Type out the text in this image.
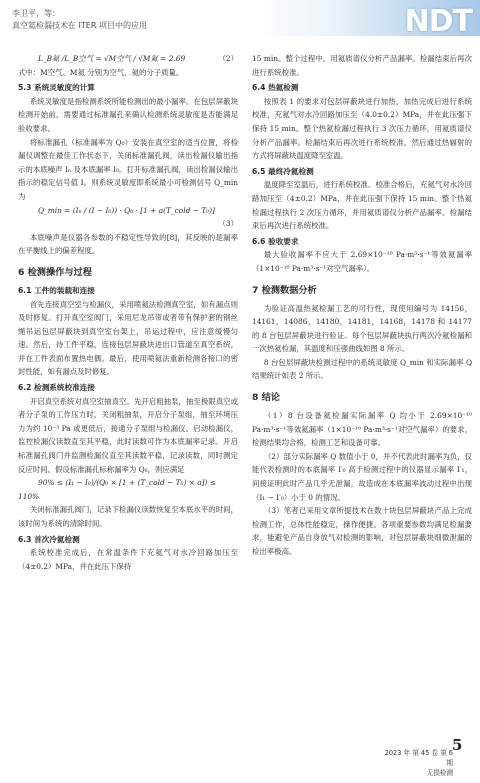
李卫平，等：
真空氦检漏技术在 ITER 项目中的应用	NDT
L_B氦 /L_B空气 = √M空气 / √M氦 = 2.69	（2）

式中：M空气、M氦 分别为空气、氦的分子质量。

5.3 系统灵敏度的计算

系统灵敏度是指检测系统所能检测出的最小漏率。在包层屏蔽块检测开始前，需要通过标准漏孔来确认检测系统灵敏度是否能满足验收要求。

将标准漏孔（标准漏率为 Q₀）安装在真空室的适当位置，将检漏仪调整在最佳工作状态下，关闭标准漏孔阀，读出检漏仪输出指示的本底噪声 Iₙ 及本底漏率 I₀。打开标准漏孔阀，读出检漏仪输出指示的稳定信号值 I。则系统灵敏度即系统最小可检测信号 Q_min 为

Q_min = (Iₙ / (I − I₀)) · Q₀ · [1 + a(T_cold − T₀)]
（3）

本底噪声是仪器各参数的不稳定性导致的[8]，其反映的是漏率在平衡线上的偏差程度。

6 检测操作与过程
6.1 工件的装载和连接

首先连接真空室与检漏仪，采用喷氦法检测真空室，如有漏点则及时修复。打开真空室阀门，采用尼龙吊带或者带有保护套的钢丝绳吊运包层屏蔽块到真空室台架上，吊运过程中，应注意缓慢匀速。然后，待工件平稳，连接包层屏蔽块进出口管道至真空系统，并在工件表面布置热电偶。最后，使用喷氦法重新检测各接口的密封性能，如有漏点及时修复。

6.2 检测系统校准连接

开启真空系统对真空室抽真空。先开启粗抽泵，抽至极限真空或者分子泵的工作压力时，关闭粗抽泵，开启分子泵组，抽至环境压力为约 10⁻³ Pa 或更低后，接通分子泵组与检漏仪。启动检漏仪，监控检漏仪读数直至其平稳，此时读数可作为本底漏率记录。开启标准漏孔阀门并监测检漏仪直至其读数平稳，记录读数，同时测定反应时间。假设标准漏孔标称漏率为 Q₀，则应满足

90% ≤ (I₁ − I₀)/(Q₀ × [1 + (T_cold − T₀) × a]) ≤ 110%

关闭标准漏孔阀门，记录下检漏仪读数恢复至本底水平的时间，该时间为系统的清除时间。

6.3 首次冷氦检测

系统校准完成后，在常温条件下充氦气对水冷回路加压至（4±0.2）MPa，并在此压下保持

15 min。整个过程中，用氦质谱仪分析产品漏率。检漏结束后再次进行系统校准。

6.4 热氦检测

按照表 1 的要求对包层屏蔽块进行加热，加热完成后进行系统校准，充氦气对水冷回路加压至（4.0±0.2）MPa，并在此压强下保持 15 min。整个热氦检漏过程执行 3 次压力循环，用氦质谱仪分析产品漏率。检漏结束后再次进行系统校准，然后通过热辐射的方式将屏蔽块温度降至室温。

6.5 最终冷氦检测

温度降至室温后，进行系统校准。校准合格后，充氦气对水冷回路加压至（4±0.2）MPa，并在此压强下保持 15 min。整个热氦检漏过程执行 2 次压力循环，并用氦质谱仪分析产品漏率。检漏结束后再次进行系统校准。

6.6 验收要求

最大验收漏率不应大于 2.69×10⁻¹⁰ Pa·m³·s⁻¹等效氦漏率（1×10⁻¹⁰ Pa·m³·s⁻¹对空气漏率）。

7 检测数据分析

为验证高温热氦检漏工艺的可行性，现使用编号为 14156，14161，14086，14180，14181，14168，14178 和 14177 的 8 台包层屏蔽块进行验证。每个包层屏蔽块执行两次冷氦检漏和一次热氦检漏，其温度和压强曲线如图 8 所示。

8 台包层屏蔽块检测过程中的系统灵敏度 Q_min 和实际漏率 Q 结果统计如表 2 所示。

8 结论

（1）8 台设备氦检漏实际漏率 Q 均小于 2.69×10⁻¹⁰ Pa·m³·s⁻¹等效氦漏率（1×10⁻¹⁰ Pa·m³·s⁻¹对空气漏率）的要求，检测结果均合格，检测工艺和设备可靠。

（2）部分实际漏率 Q 数值小于 0，并不代表此时漏率为负，仅能代表检测时的本底漏率 I′₀ 高于检测过程中的仪器显示漏率 I′₁，间接证明此时产品几乎无泄漏，故造成在本底漏率波动过程中出现（I₁ − I′₀）小于 0 的情况。

（3）笔者已采用文章所提技术在数十块包层屏蔽块产品上完成检测工作，总体性能稳定，操作便捷。各项重要参数均满足检漏要求，能避免产品自身放气对检测的影响，对包层屏蔽块细微泄漏的检出率极高。

5
2023 年 第 45 卷 第 6 期
无损检测
